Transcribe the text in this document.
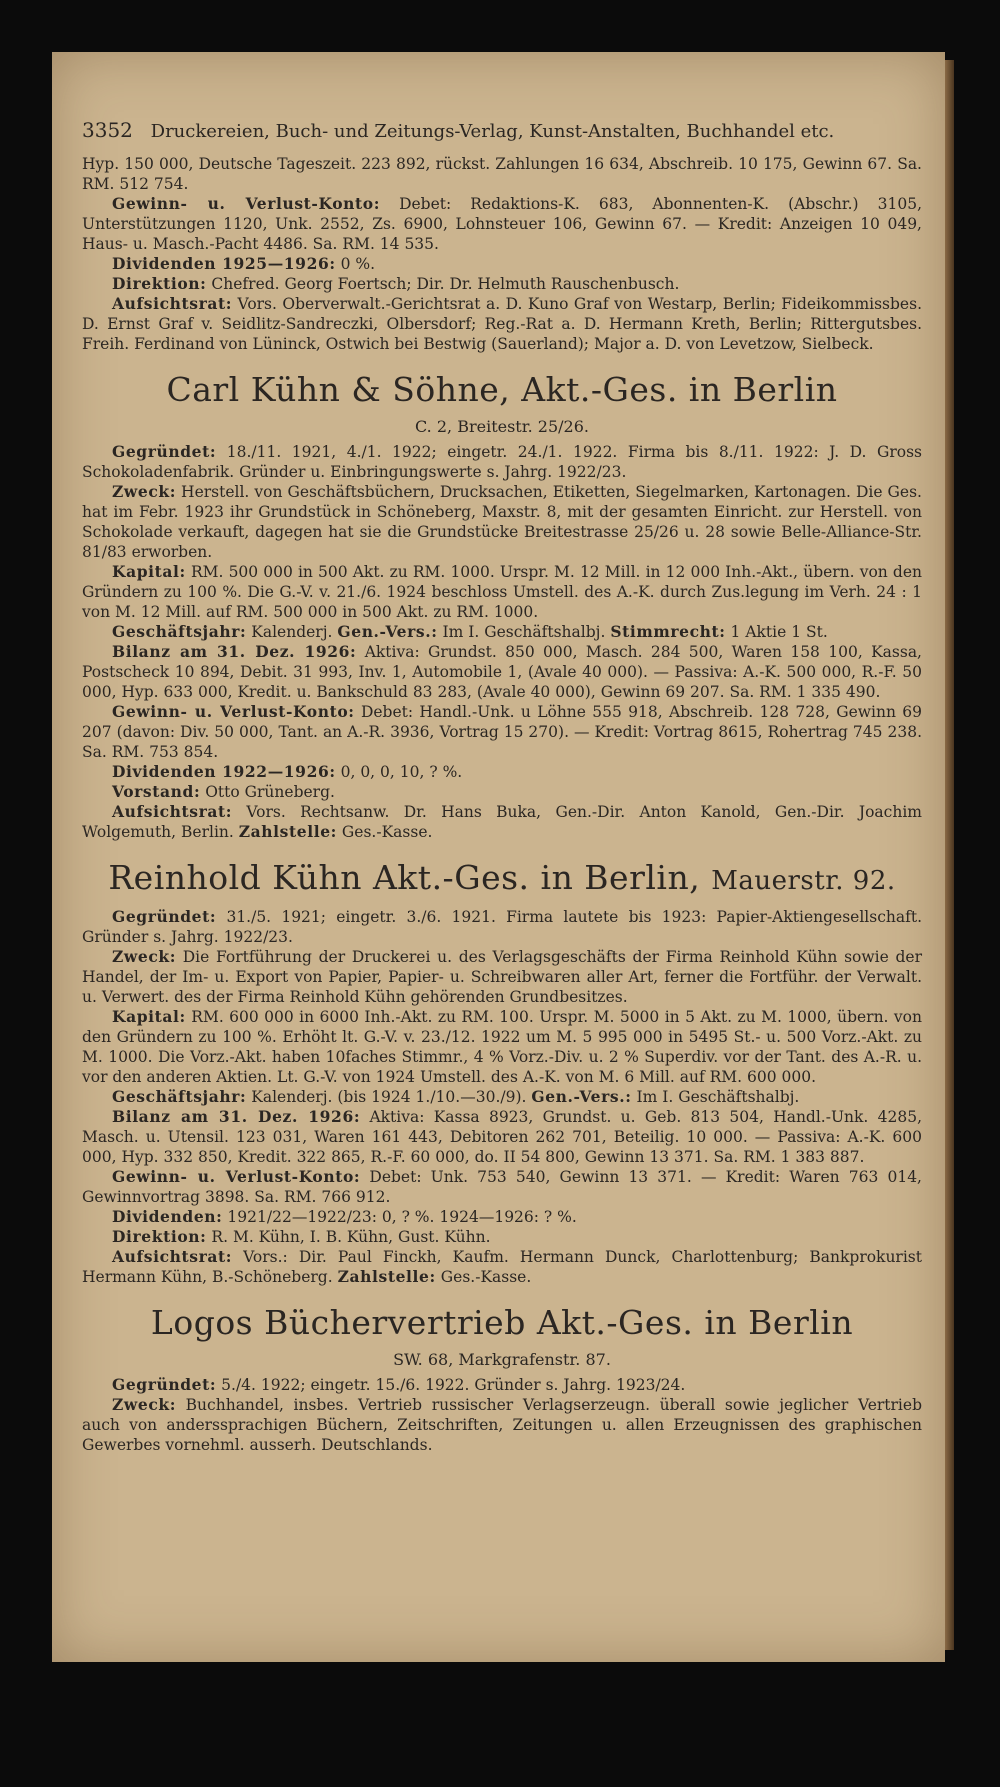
3352 Druckereien, Buch- und Zeitungs-Verlag, Kunst-Anstalten, Buchhandel etc.
Hyp. 150 000, Deutsche Tageszeit. 223 892, rückst. Zahlungen 16 634, Abschreib. 10 175, Gewinn 67. Sa. RM. 512 754.
Gewinn- u. Verlust-Konto: Debet: Redaktions-K. 683, Abonnenten-K. (Abschr.) 3105, Unterstützungen 1120, Unk. 2552, Zs. 6900, Lohnsteuer 106, Gewinn 67. — Kredit: Anzeigen 10 049, Haus- u. Masch.-Pacht 4486. Sa. RM. 14 535.
Dividenden 1925—1926: 0 %.
Direktion: Chefred. Georg Foertsch; Dir. Dr. Helmuth Rauschenbusch.
Aufsichtsrat: Vors. Oberverwalt.-Gerichtsrat a. D. Kuno Graf von Westarp, Berlin; Fideikommissbes. D. Ernst Graf v. Seidlitz-Sandreczki, Olbersdorf; Reg.-Rat a. D. Hermann Kreth, Berlin; Rittergutsbes. Freih. Ferdinand von Lüninck, Ostwich bei Bestwig (Sauerland); Major a. D. von Levetzow, Sielbeck.
Carl Kühn & Söhne, Akt.-Ges. in Berlin
C. 2, Breitestr. 25/26.
Gegründet: 18./11. 1921, 4./1. 1922; eingetr. 24./1. 1922. Firma bis 8./11. 1922: J. D. Gross Schokoladenfabrik. Gründer u. Einbringungswerte s. Jahrg. 1922/23.
Zweck: Herstell. von Geschäftsbüchern, Drucksachen, Etiketten, Siegelmarken, Kartonagen. Die Ges. hat im Febr. 1923 ihr Grundstück in Schöneberg, Maxstr. 8, mit der gesamten Einricht. zur Herstell. von Schokolade verkauft, dagegen hat sie die Grundstücke Breitestrasse 25/26 u. 28 sowie Belle-Alliance-Str. 81/83 erworben.
Kapital: RM. 500 000 in 500 Akt. zu RM. 1000. Urspr. M. 12 Mill. in 12 000 Inh.-Akt., übern. von den Gründern zu 100 %. Die G.-V. v. 21./6. 1924 beschloss Umstell. des A.-K. durch Zus.legung im Verh. 24 : 1 von M. 12 Mill. auf RM. 500 000 in 500 Akt. zu RM. 1000.
Geschäftsjahr: Kalenderj. Gen.-Vers.: Im I. Geschäftshalbj. Stimmrecht: 1 Aktie 1 St.
Bilanz am 31. Dez. 1926: Aktiva: Grundst. 850 000, Masch. 284 500, Waren 158 100, Kassa, Postscheck 10 894, Debit. 31 993, Inv. 1, Automobile 1, (Avale 40 000). — Passiva: A.-K. 500 000, R.-F. 50 000, Hyp. 633 000, Kredit. u. Bankschuld 83 283, (Avale 40 000), Gewinn 69 207. Sa. RM. 1 335 490.
Gewinn- u. Verlust-Konto: Debet: Handl.-Unk. u Löhne 555 918, Abschreib. 128 728, Gewinn 69 207 (davon: Div. 50 000, Tant. an A.-R. 3936, Vortrag 15 270). — Kredit: Vortrag 8615, Rohertrag 745 238. Sa. RM. 753 854.
Dividenden 1922—1926: 0, 0, 0, 10, ? %.
Vorstand: Otto Grüneberg.
Aufsichtsrat: Vors. Rechtsanw. Dr. Hans Buka, Gen.-Dir. Anton Kanold, Gen.-Dir. Joachim Wolgemuth, Berlin. Zahlstelle: Ges.-Kasse.
Reinhold Kühn Akt.-Ges. in Berlin, Mauerstr. 92.
Gegründet: 31./5. 1921; eingetr. 3./6. 1921. Firma lautete bis 1923: Papier-Aktiengesellschaft. Gründer s. Jahrg. 1922/23.
Zweck: Die Fortführung der Druckerei u. des Verlagsgeschäfts der Firma Reinhold Kühn sowie der Handel, der Im- u. Export von Papier, Papier- u. Schreibwaren aller Art, ferner die Fortführ. der Verwalt. u. Verwert. des der Firma Reinhold Kühn gehörenden Grundbesitzes.
Kapital: RM. 600 000 in 6000 Inh.-Akt. zu RM. 100. Urspr. M. 5000 in 5 Akt. zu M. 1000, übern. von den Gründern zu 100 %. Erhöht lt. G.-V. v. 23./12. 1922 um M. 5 995 000 in 5495 St.- u. 500 Vorz.-Akt. zu M. 1000. Die Vorz.-Akt. haben 10faches Stimmr., 4 % Vorz.-Div. u. 2 % Superdiv. vor der Tant. des A.-R. u. vor den anderen Aktien. Lt. G.-V. von 1924 Umstell. des A.-K. von M. 6 Mill. auf RM. 600 000.
Geschäftsjahr: Kalenderj. (bis 1924 1./10.—30./9). Gen.-Vers.: Im I. Geschäftshalbj.
Bilanz am 31. Dez. 1926: Aktiva: Kassa 8923, Grundst. u. Geb. 813 504, Handl.-Unk. 4285, Masch. u. Utensil. 123 031, Waren 161 443, Debitoren 262 701, Beteilig. 10 000. — Passiva: A.-K. 600 000, Hyp. 332 850, Kredit. 322 865, R.-F. 60 000, do. II 54 800, Gewinn 13 371. Sa. RM. 1 383 887.
Gewinn- u. Verlust-Konto: Debet: Unk. 753 540, Gewinn 13 371. — Kredit: Waren 763 014, Gewinnvortrag 3898. Sa. RM. 766 912.
Dividenden: 1921/22—1922/23: 0, ? %. 1924—1926: ? %.
Direktion: R. M. Kühn, I. B. Kühn, Gust. Kühn.
Aufsichtsrat: Vors.: Dir. Paul Finckh, Kaufm. Hermann Dunck, Charlottenburg; Bankprokurist Hermann Kühn, B.-Schöneberg. Zahlstelle: Ges.-Kasse.
Logos Büchervertrieb Akt.-Ges. in Berlin
SW. 68, Markgrafenstr. 87.
Gegründet: 5./4. 1922; eingetr. 15./6. 1922. Gründer s. Jahrg. 1923/24.
Zweck: Buchhandel, insbes. Vertrieb russischer Verlagserzeugn. überall sowie jeglicher Vertrieb auch von anderssprachigen Büchern, Zeitschriften, Zeitungen u. allen Erzeugnissen des graphischen Gewerbes vornehml. ausserh. Deutschlands.
